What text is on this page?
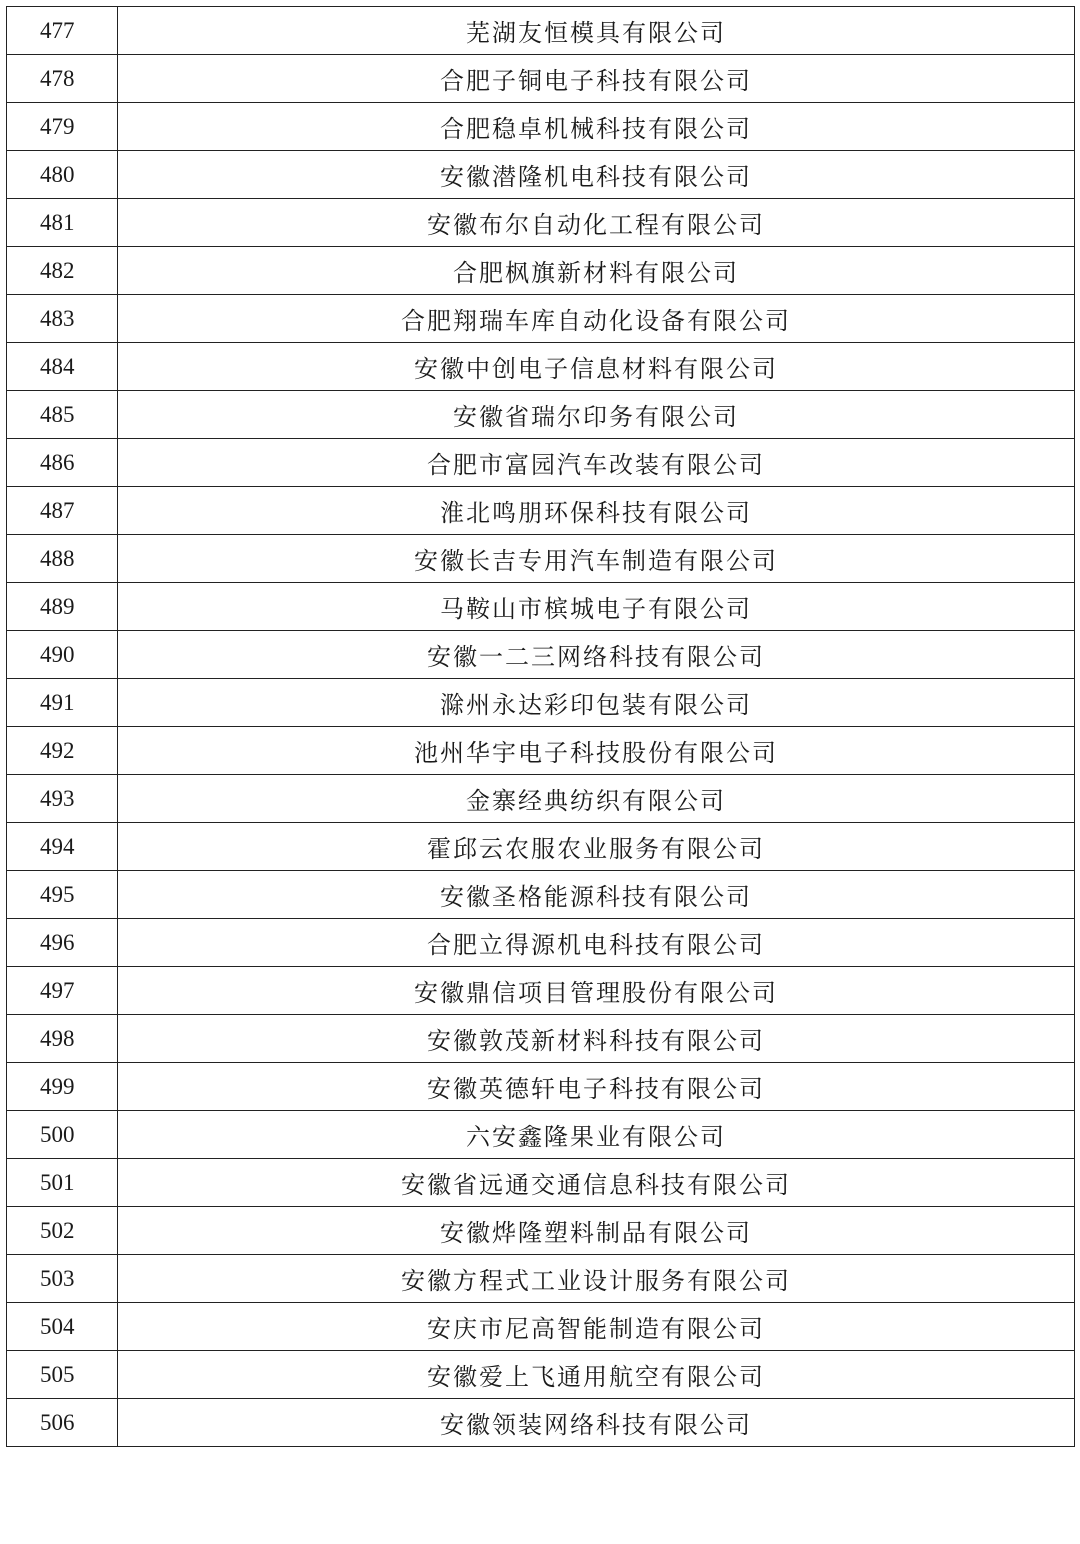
477	芜湖友恒模具有限公司
478	合肥子铜电子科技有限公司
479	合肥稳卓机械科技有限公司
480	安徽潜隆机电科技有限公司
481	安徽布尔自动化工程有限公司
482	合肥枫旗新材料有限公司
483	合肥翔瑞车库自动化设备有限公司
484	安徽中创电子信息材料有限公司
485	安徽省瑞尔印务有限公司
486	合肥市富园汽车改装有限公司
487	淮北鸣朋环保科技有限公司
488	安徽长吉专用汽车制造有限公司
489	马鞍山市槟城电子有限公司
490	安徽一二三网络科技有限公司
491	滁州永达彩印包装有限公司
492	池州华宇电子科技股份有限公司
493	金寨经典纺织有限公司
494	霍邱云农服农业服务有限公司
495	安徽圣格能源科技有限公司
496	合肥立得源机电科技有限公司
497	安徽鼎信项目管理股份有限公司
498	安徽敦茂新材料科技有限公司
499	安徽英德轩电子科技有限公司
500	六安鑫隆果业有限公司
501	安徽省远通交通信息科技有限公司
502	安徽烨隆塑料制品有限公司
503	安徽方程式工业设计服务有限公司
504	安庆市尼高智能制造有限公司
505	安徽爱上飞通用航空有限公司
506	安徽领装网络科技有限公司
